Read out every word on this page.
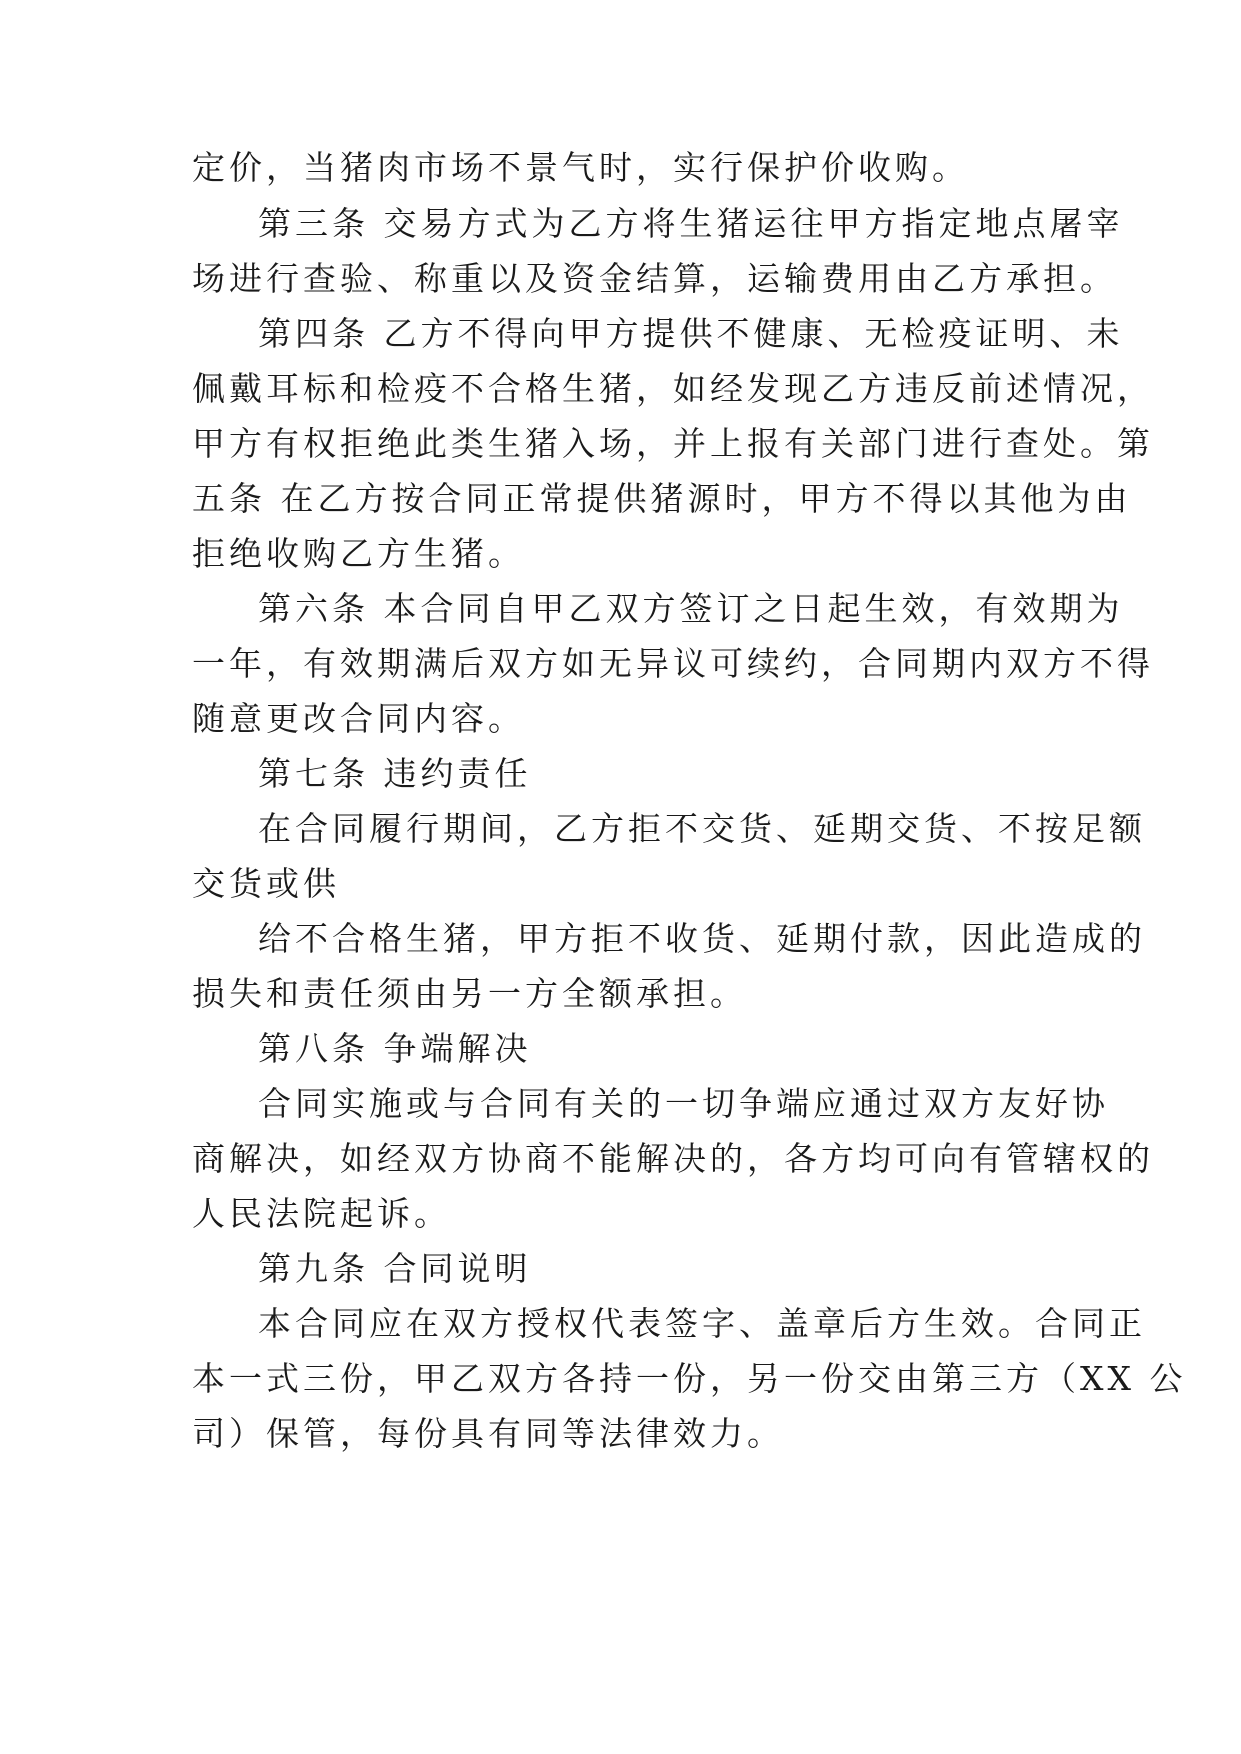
定价，当猪肉市场不景气时，实行保护价收购。
第三条 交易方式为乙方将生猪运往甲方指定地点屠宰
场进行查验、称重以及资金结算，运输费用由乙方承担。
第四条 乙方不得向甲方提供不健康、无检疫证明、未
佩戴耳标和检疫不合格生猪，如经发现乙方违反前述情况，
甲方有权拒绝此类生猪入场，并上报有关部门进行查处。第
五条 在乙方按合同正常提供猪源时，甲方不得以其他为由
拒绝收购乙方生猪。
第六条 本合同自甲乙双方签订之日起生效，有效期为
一年，有效期满后双方如无异议可续约，合同期内双方不得
随意更改合同内容。
第七条 违约责任
在合同履行期间，乙方拒不交货、延期交货、不按足额
交货或供
给不合格生猪，甲方拒不收货、延期付款，因此造成的
损失和责任须由另一方全额承担。
第八条 争端解决
合同实施或与合同有关的一切争端应通过双方友好协
商解决，如经双方协商不能解决的，各方均可向有管辖权的
人民法院起诉。
第九条 合同说明
本合同应在双方授权代表签字、盖章后方生效。合同正
本一式三份，甲乙双方各持一份，另一份交由第三方（XX 公
司）保管，每份具有同等法律效力。
